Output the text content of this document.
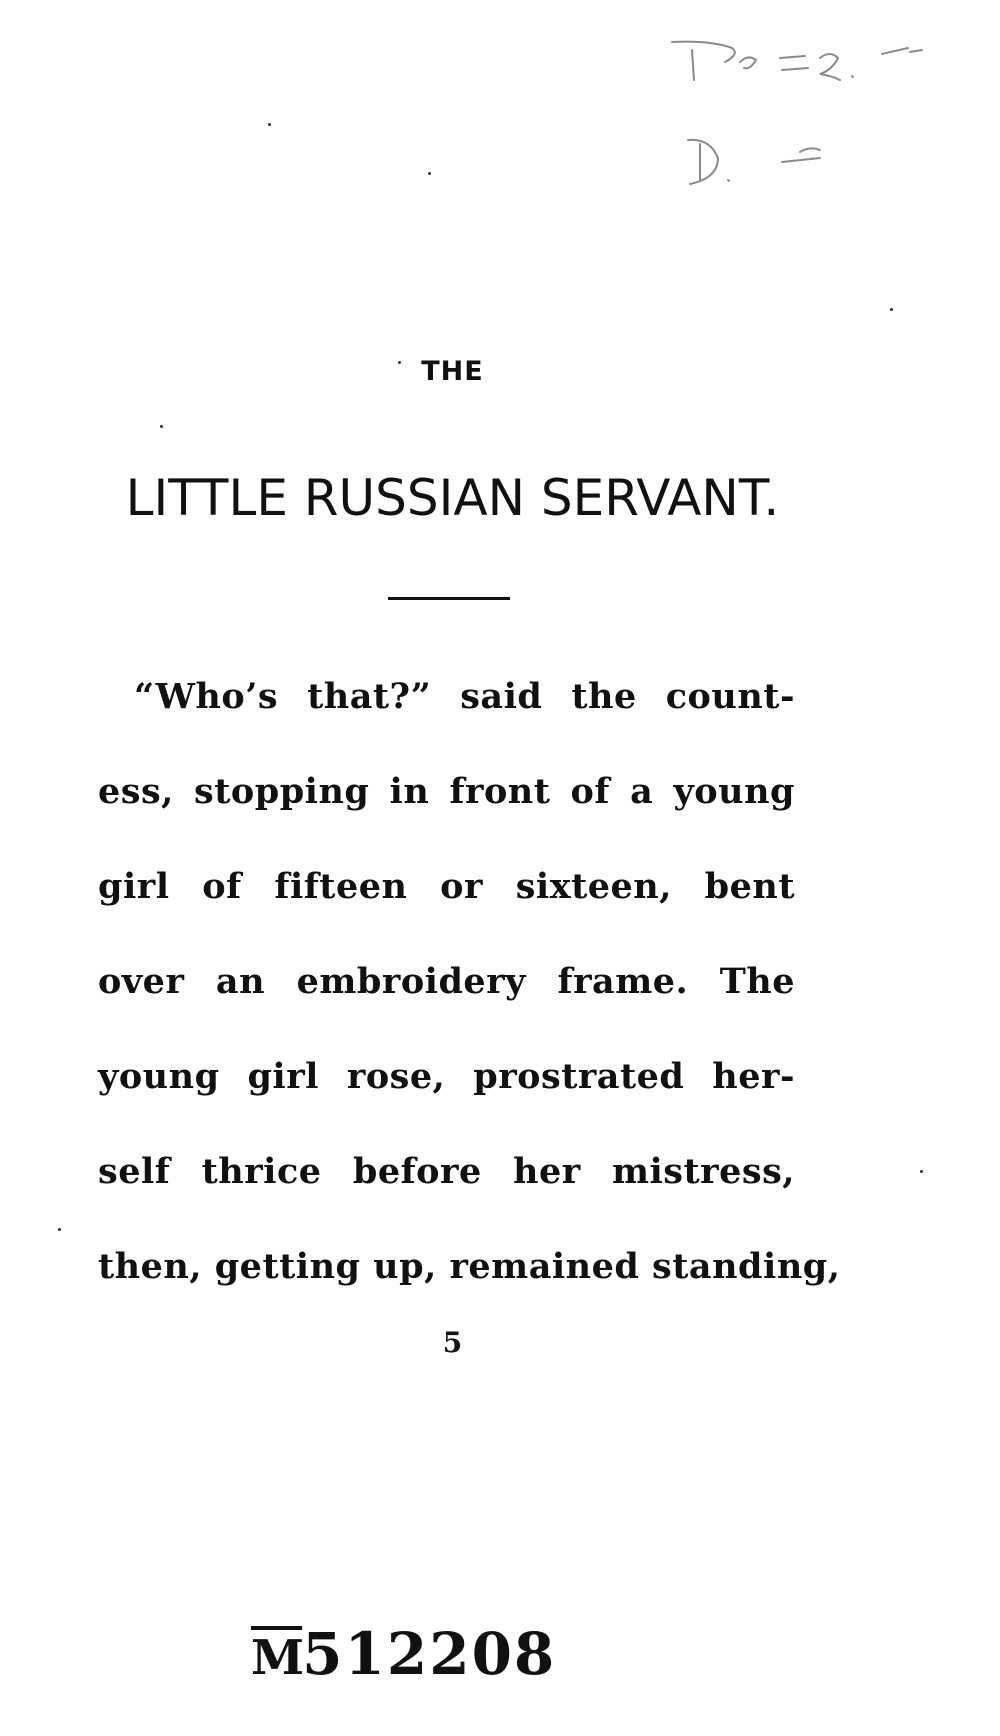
THE
LITTLE RUSSIAN SERVANT.
“Who’s that?” said the count-
ess, stopping in front of a young
girl of fifteen or sixteen, bent
over an embroidery frame. The
young girl rose, prostrated her-
self thrice before her mistress,
then, getting up, remained standing,
5
$\overline{M}512208$
